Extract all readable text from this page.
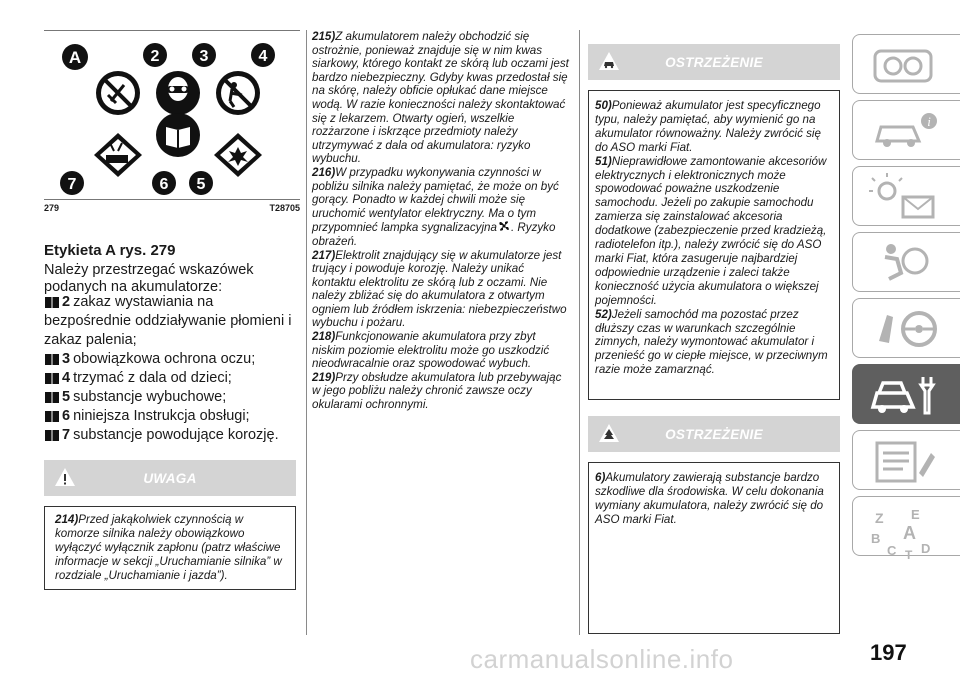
A	2	3	4
7	6 5
279	T28705
Etykieta A rys. 279
Należy przestrzegać wskazówek podanych na akumulatorze:
2 zakaz wystawiania na
bezpośrednie oddziaływanie płomieni i zakaz palenia;
3 obowiązkowa ochrona oczu;
4 trzymać z dala od dzieci;
5 substancje wybuchowe;
6 niniejsza Instrukcja obsługi;
7 substancje powodujące korozję.
UWAGA
214)Przed jakąkolwiek czynnością w komorze silnika należy obowiązkowo wyłączyć wyłącznik zapłonu (patrz właściwe informacje w sekcji „Uruchamianie silnika” w rozdziale „Uruchamianie i jazda”).

215)Z akumulatorem należy obchodzić się ostrożnie, ponieważ znajduje się w nim kwas siarkowy, którego kontakt ze skórą lub oczami jest bardzo niebezpieczny. Gdyby kwas przedostał się na skórę, należy obficie opłukać dane miejsce wodą. W razie konieczności należy skontaktować się z lekarzem. Otwarty ogień, wszelkie rozżarzone i iskrzące przedmioty należy utrzymywać z dala od akumulatora: ryzyko wybuchu.

216)W przypadku wykonywania czynności w pobliżu silnika należy pamiętać, że może on być gorący. Ponadto w każdej chwili może się uruchomić wentylator elektryczny. Ma o tym przypomnieć lampka sygnalizacyjna . Ryzyko obrażeń.

217)Elektrolit znajdujący się w akumulatorze jest trujący i powoduje korozję. Należy unikać kontaktu elektrolitu ze skórą lub z oczami. Nie należy zbliżać się do akumulatora z otwartym ogniem lub źródłem iskrzenia: niebezpieczeństwo wybuchu i pożaru.

218)Funkcjonowanie akumulatora przy zbyt niskim poziomie elektrolitu może go uszkodzić nieodwracalnie oraz spowodować wybuch.

219)Przy obsłudze akumulatora lub przebywając w jego pobliżu należy chronić zawsze oczy okularami ochronnymi.

OSTRZEŻENIE

50)Ponieważ akumulator jest specyficznego typu, należy pamiętać, aby wymienić go na akumulator równoważny. Należy zwrócić się do ASO marki Fiat.

51)Nieprawidłowe zamontowanie akcesoriów elektrycznych i elektronicznych może spowodować poważne uszkodzenie samochodu. Jeżeli po zakupie samochodu zamierza się zainstalować akcesoria dodatkowe (zabezpieczenie przed kradzieżą, radiotelefon itp.), należy zwrócić się do ASO marki Fiat, która zasugeruje najbardziej odpowiednie urządzenie i zaleci także konieczność użycia akumulatora o większej pojemności.

52)Jeżeli samochód ma pozostać przez dłuższy czas w warunkach szczególnie zimnych, należy wymontować akumulator i przenieść go w ciepłe miejsce, w przeciwnym razie może zamarznąć.

OSTRZEŻENIE

6)Akumulatory zawierają substancje bardzo szkodliwe dla środowiska. W celu dokonania wymiany akumulatora, należy zwrócić się do ASO marki Fiat.

i
Z E
A
B
C D
T
carmanualsonline.info	197
